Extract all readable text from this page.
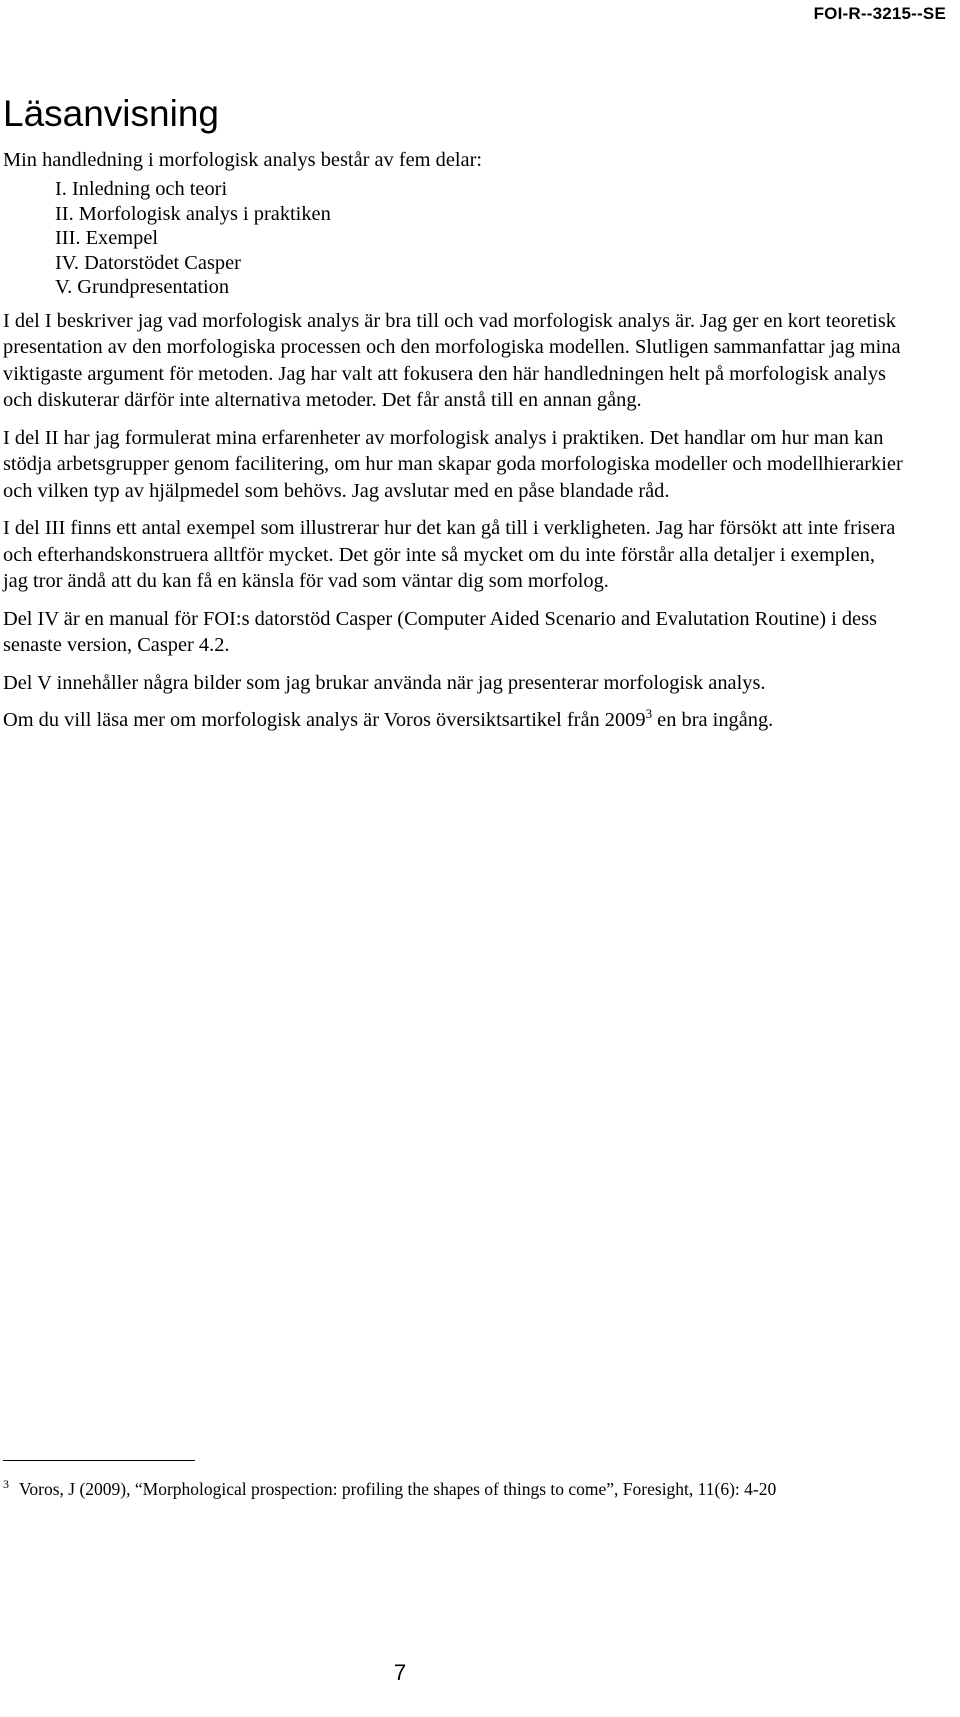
FOI-R--3215--SE
Läsanvisning

Min handledning i morfologisk analys består av fem delar:

I. Inledning och teori
II. Morfologisk analys i praktiken
III. Exempel
IV. Datorstödet Casper
V. Grundpresentation

I del I beskriver jag vad morfologisk analys är bra till och vad morfologisk analys är. Jag ger en kort teoretisk presentation av den morfologiska processen och den morfologiska modellen. Slutligen sammanfattar jag mina viktigaste argument för metoden. Jag har valt att fokusera den här handledningen helt på morfologisk analys och diskuterar därför inte alternativa metoder. Det får anstå till en annan gång.

I del II har jag formulerat mina erfarenheter av morfologisk analys i praktiken. Det handlar om hur man kan stödja arbetsgrupper genom facilitering, om hur man skapar goda morfologiska modeller och modellhierarkier och vilken typ av hjälpmedel som behövs. Jag avslutar med en påse blandade råd.

I del III finns ett antal exempel som illustrerar hur det kan gå till i verkligheten. Jag har försökt att inte frisera och efterhandskonstruera alltför mycket. Det gör inte så mycket om du inte förstår alla detaljer i exemplen, jag tror ändå att du kan få en känsla för vad som väntar dig som morfolog.

Del IV är en manual för FOI:s datorstöd Casper (Computer Aided Scenario and Evalutation Routine) i dess senaste version, Casper 4.2.

Del V innehåller några bilder som jag brukar använda när jag presenterar morfologisk analys.

Om du vill läsa mer om morfologisk analys är Voros översiktsartikel från 2009$^3$ en bra ingång.

$^3$ Voros, J (2009), “Morphological prospection: profiling the shapes of things to come”, Foresight, 11(6): 4-20
7
